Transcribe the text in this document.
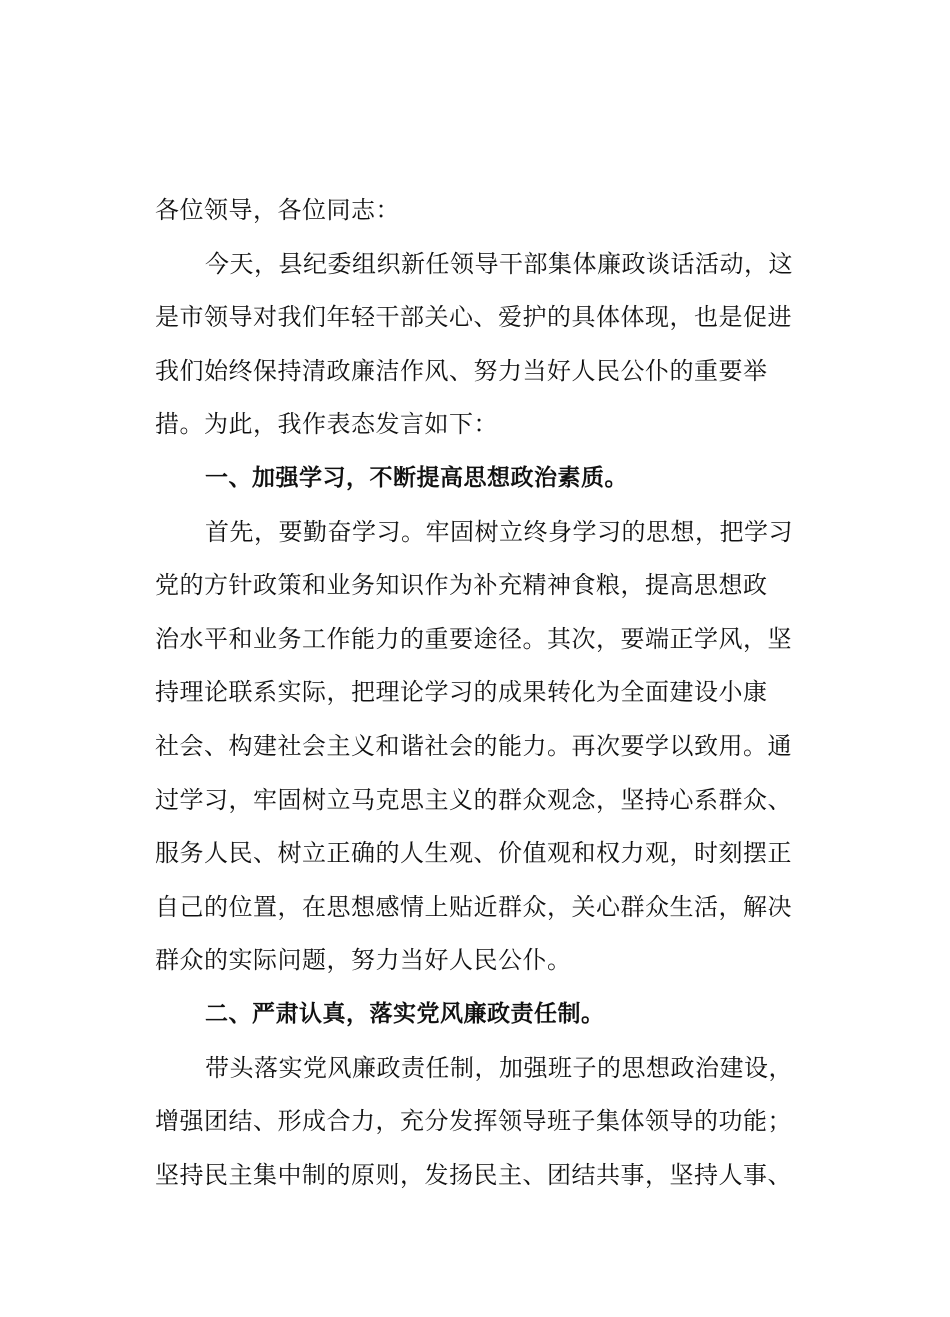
各位领导，各位同志：
今天，县纪委组织新任领导干部集体廉政谈话活动，这
是市领导对我们年轻干部关心、爱护的具体体现，也是促进
我们始终保持清政廉洁作风、努力当好人民公仆的重要举
措。为此，我作表态发言如下：
一、加强学习，不断提高思想政治素质。
首先，要勤奋学习。牢固树立终身学习的思想，把学习
党的方针政策和业务知识作为补充精神食粮，提高思想政
治水平和业务工作能力的重要途径。其次，要端正学风，坚
持理论联系实际，把理论学习的成果转化为全面建设小康
社会、构建社会主义和谐社会的能力。再次要学以致用。通
过学习，牢固树立马克思主义的群众观念，坚持心系群众、
服务人民、树立正确的人生观、价值观和权力观，时刻摆正
自己的位置，在思想感情上贴近群众，关心群众生活，解决
群众的实际问题，努力当好人民公仆。
二、严肃认真，落实党风廉政责任制。
带头落实党风廉政责任制，加强班子的思想政治建设，
增强团结、形成合力，充分发挥领导班子集体领导的功能；
坚持民主集中制的原则，发扬民主、团结共事，坚持人事、
